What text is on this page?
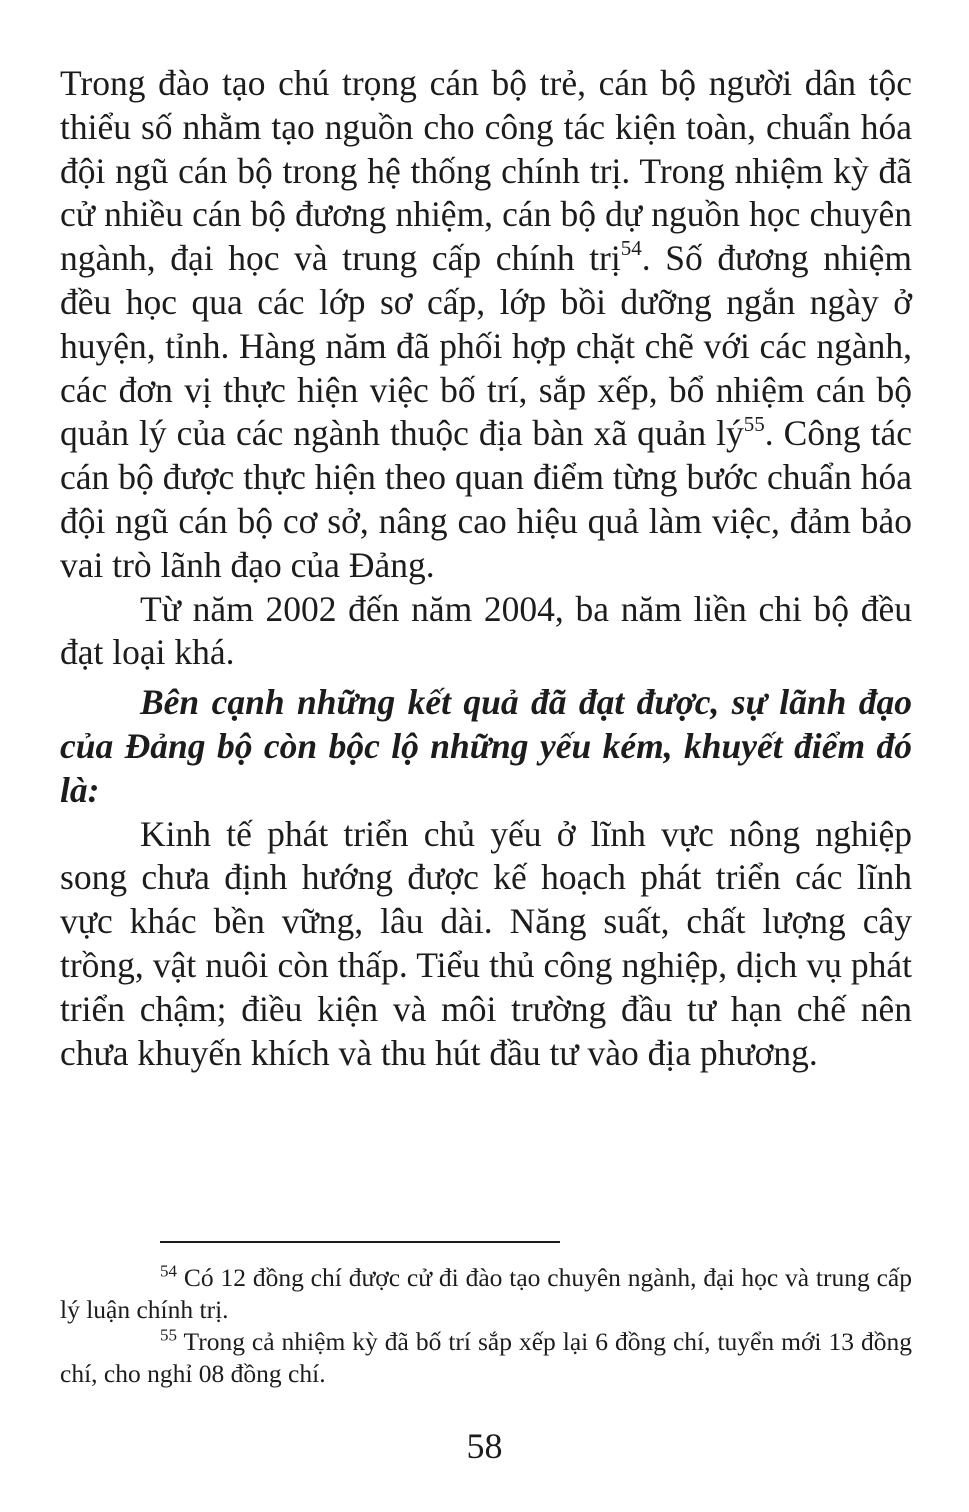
Trong đào tạo chú trọng cán bộ trẻ, cán bộ người dân tộc thiểu số nhằm tạo nguồn cho công tác kiện toàn, chuẩn hóa đội ngũ cán bộ trong hệ thống chính trị. Trong nhiệm kỳ đã cử nhiều cán bộ đương nhiệm, cán bộ dự nguồn học chuyên ngành, đại học và trung cấp chính trị$^{54}$. Số đương nhiệm đều học qua các lớp sơ cấp, lớp bồi dưỡng ngắn ngày ở huyện, tỉnh. Hàng năm đã phối hợp chặt chẽ với các ngành, các đơn vị thực hiện việc bố trí, sắp xếp, bổ nhiệm cán bộ quản lý của các ngành thuộc địa bàn xã quản lý$^{55}$. Công tác cán bộ được thực hiện theo quan điểm từng bước chuẩn hóa đội ngũ cán bộ cơ sở, nâng cao hiệu quả làm việc, đảm bảo vai trò lãnh đạo của Đảng.

Từ năm 2002 đến năm 2004, ba năm liền chi bộ đều đạt loại khá.

Bên cạnh những kết quả đã đạt được, sự lãnh đạo của Đảng bộ còn bộc lộ những yếu kém, khuyết điểm đó là:

Kinh tế phát triển chủ yếu ở lĩnh vực nông nghiệp song chưa định hướng được kế hoạch phát triển các lĩnh vực khác bền vững, lâu dài. Năng suất, chất lượng cây trồng, vật nuôi còn thấp. Tiểu thủ công nghiệp, dịch vụ phát triển chậm; điều kiện và môi trường đầu tư hạn chế nên chưa khuyến khích và thu hút đầu tư vào địa phương.

$^{54}$ Có 12 đồng chí được cử đi đào tạo chuyên ngành, đại học và trung cấp lý luận chính trị.

$^{55}$ Trong cả nhiệm kỳ đã bố trí sắp xếp lại 6 đồng chí, tuyển mới 13 đồng chí, cho nghỉ 08 đồng chí.

58
